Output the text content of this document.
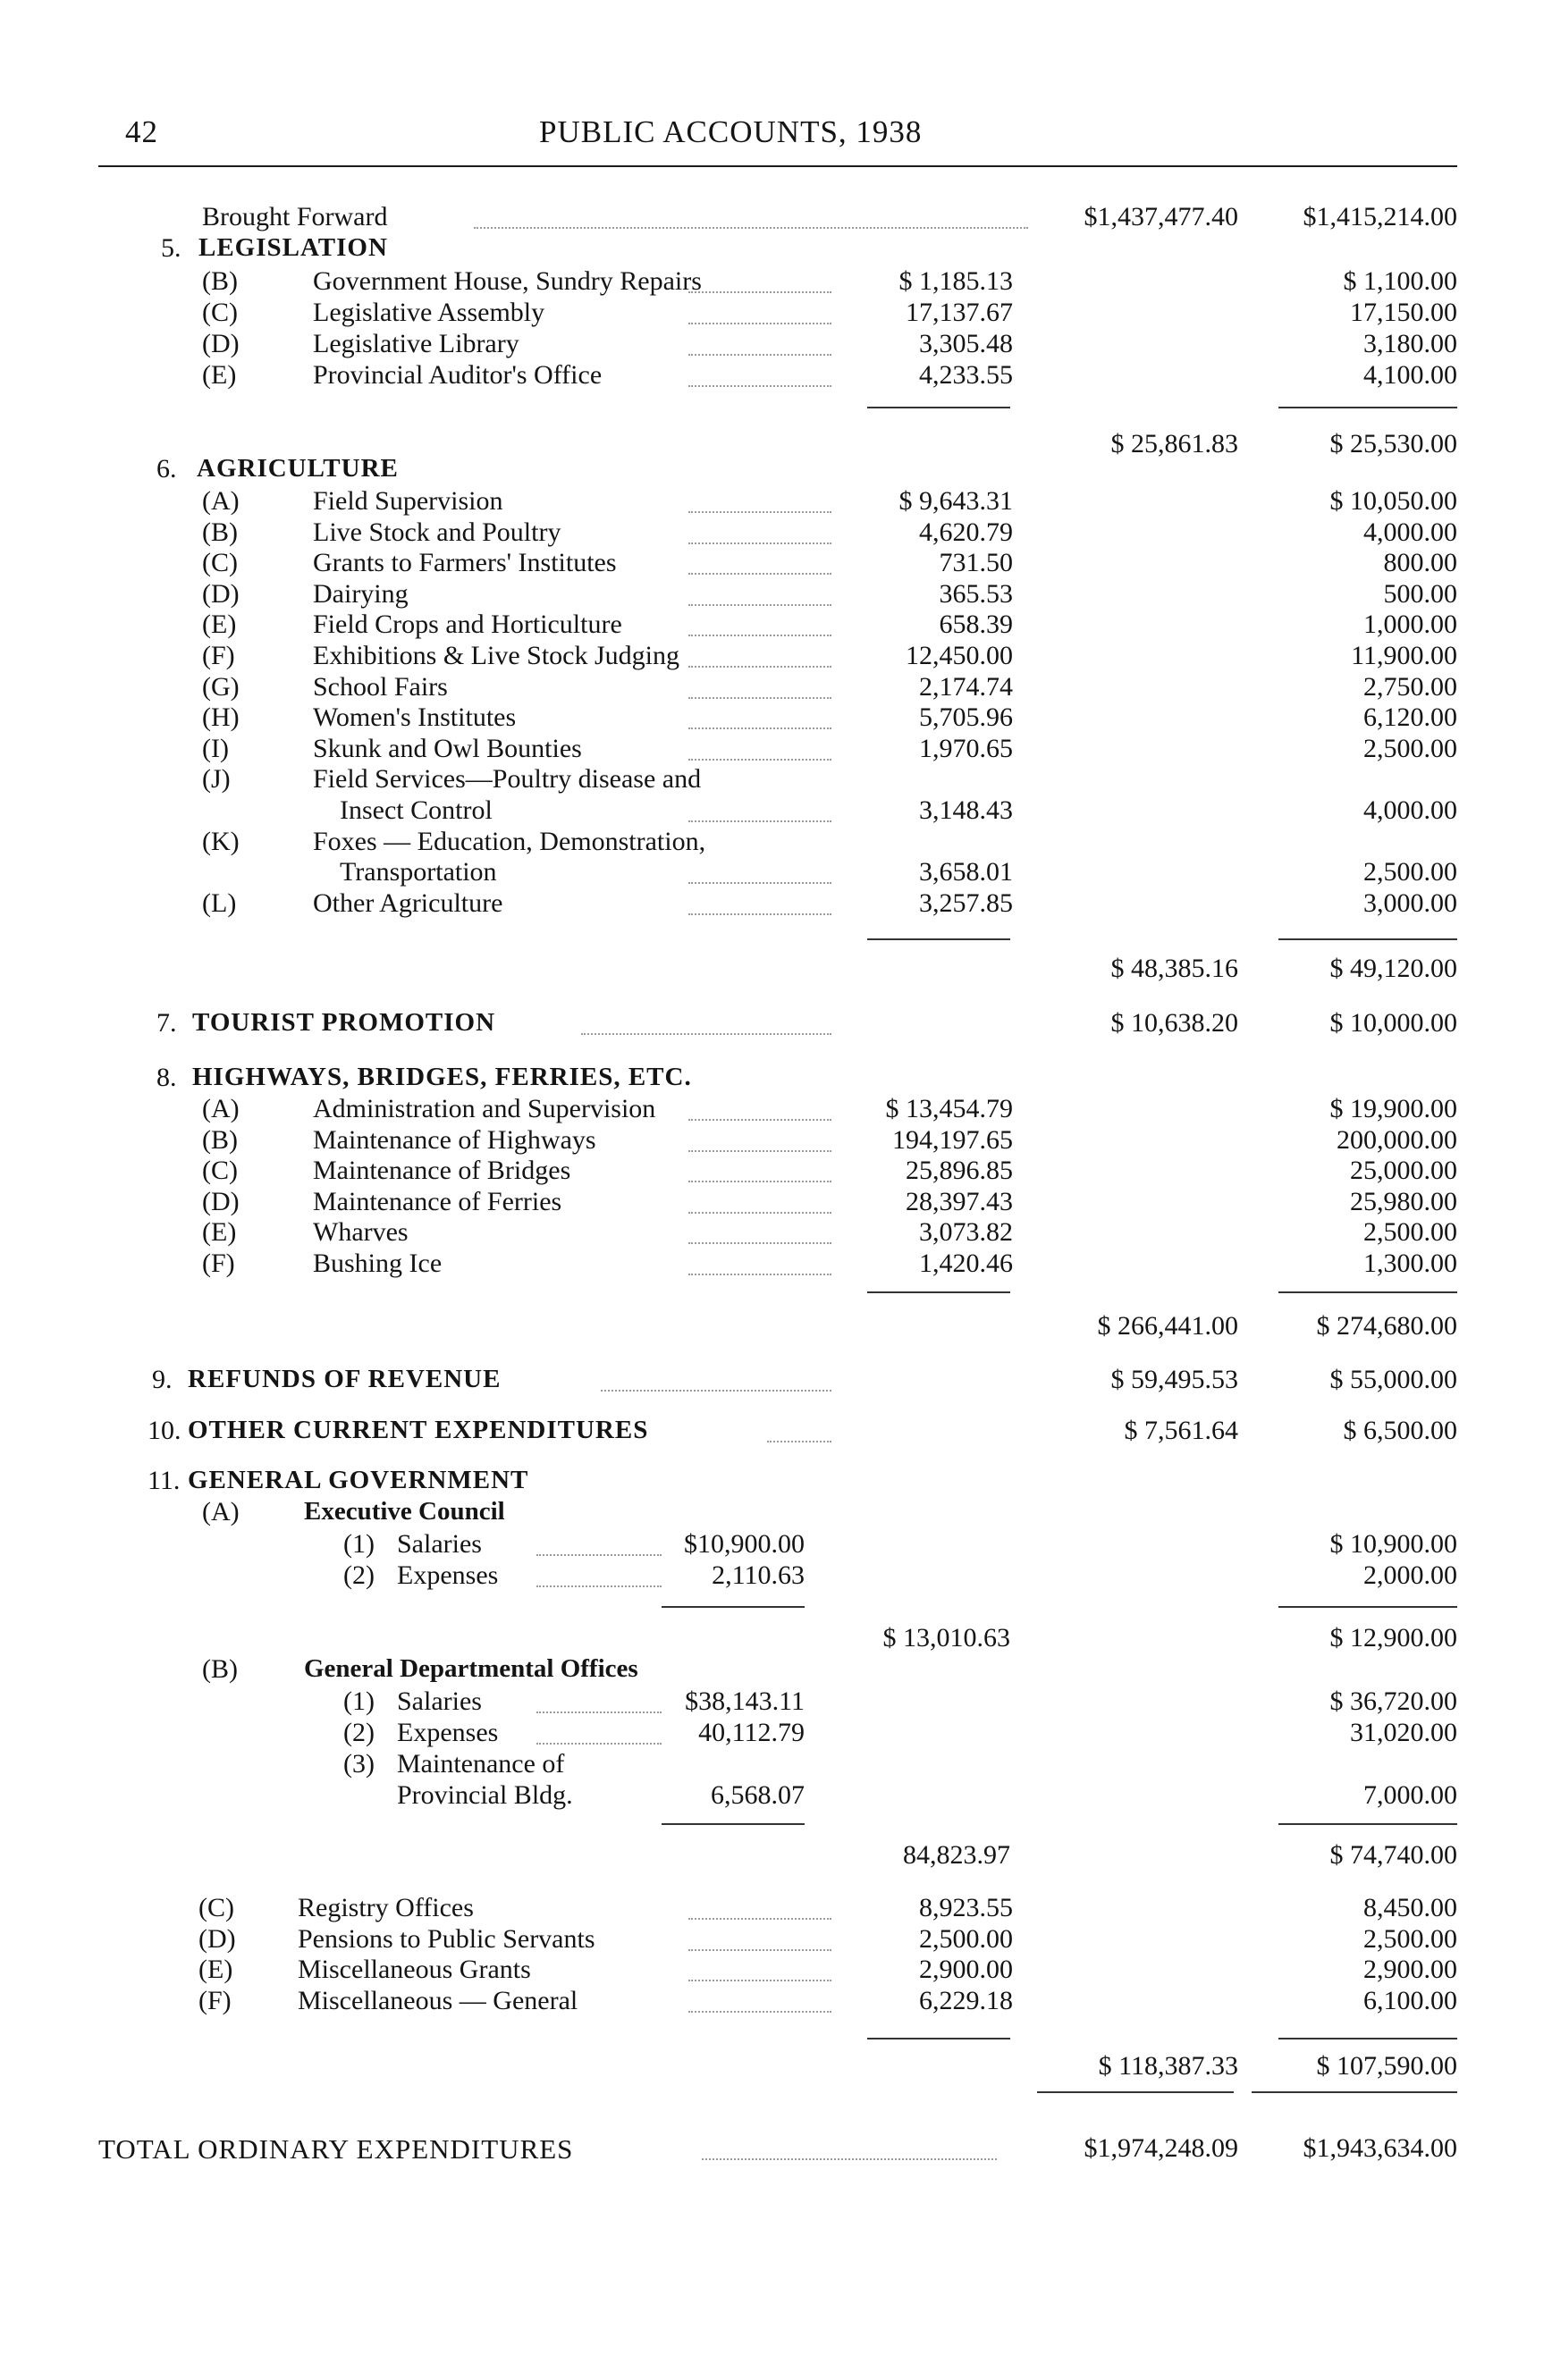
42	PUBLIC ACCOUNTS, 1938
Brought Forward	$1,437,477.40	$1,415,214.00
5. LEGISLATION
(B)	Government House, Sundry Repairs	$ 1,185.13	$ 1,100.00
(C)	Legislative Assembly	17,137.67	17,150.00
(D)	Legislative Library	3,305.48	3,180.00
(E)	Provincial Auditor's Office	4,233.55	4,100.00
$ 25,861.83	$ 25,530.00
6. AGRICULTURE
(A)	Field Supervision	$ 9,643.31	$ 10,050.00
(B)	Live Stock and Poultry	4,620.79	4,000.00
(C)	Grants to Farmers' Institutes	731.50	800.00
(D)	Dairying	365.53	500.00
(E)	Field Crops and Horticulture	658.39	1,000.00
(F)	Exhibitions & Live Stock Judging	12,450.00	11,900.00
(G)	School Fairs	2,174.74	2,750.00
(H)	Women's Institutes	5,705.96	6,120.00
(I)	Skunk and Owl Bounties	1,970.65	2,500.00
(J)	Field Services—Poultry disease and
Insect Control	3,148.43	4,000.00
(K)	Foxes — Education, Demonstration,
Transportation	3,658.01	2,500.00
(L)	Other Agriculture	3,257.85	3,000.00
$ 48,385.16	$ 49,120.00
7. TOURIST PROMOTION	$ 10,638.20	$ 10,000.00
8. HIGHWAYS, BRIDGES, FERRIES, ETC.
(A)	Administration and Supervision	$ 13,454.79	$ 19,900.00
(B)	Maintenance of Highways	194,197.65	200,000.00
(C)	Maintenance of Bridges	25,896.85	25,000.00
(D)	Maintenance of Ferries	28,397.43	25,980.00
(E)	Wharves	3,073.82	2,500.00
(F)	Bushing Ice	1,420.46	1,300.00
$ 266,441.00	$ 274,680.00
9. REFUNDS OF REVENUE	$ 59,495.53	$ 55,000.00
10. OTHER CURRENT EXPENDITURES	$ 7,561.64	$ 6,500.00
11. GENERAL GOVERNMENT
(A) Executive Council
(1) Salaries	$10,900.00	$ 10,900.00
(2) Expenses	2,110.63	2,000.00
$ 13,010.63	$ 12,900.00
(B)	General Departmental Offices
(1) Salaries	$38,143.11	$ 36,720.00
(2) Expenses	40,112.79	31,020.00
(3) Maintenance of
Provincial Bldg.	6,568.07	7,000.00
84,823.97	$ 74,740.00
(C) Registry Offices	8,923.55	8,450.00
(D) Pensions to Public Servants	2,500.00	2,500.00
(E) Miscellaneous Grants	2,900.00	2,900.00
(F) Miscellaneous — General	6,229.18	6,100.00
$ 118,387.33	$ 107,590.00
TOTAL ORDINARY EXPENDITURES	$1,974,248.09	$1,943,634.00
